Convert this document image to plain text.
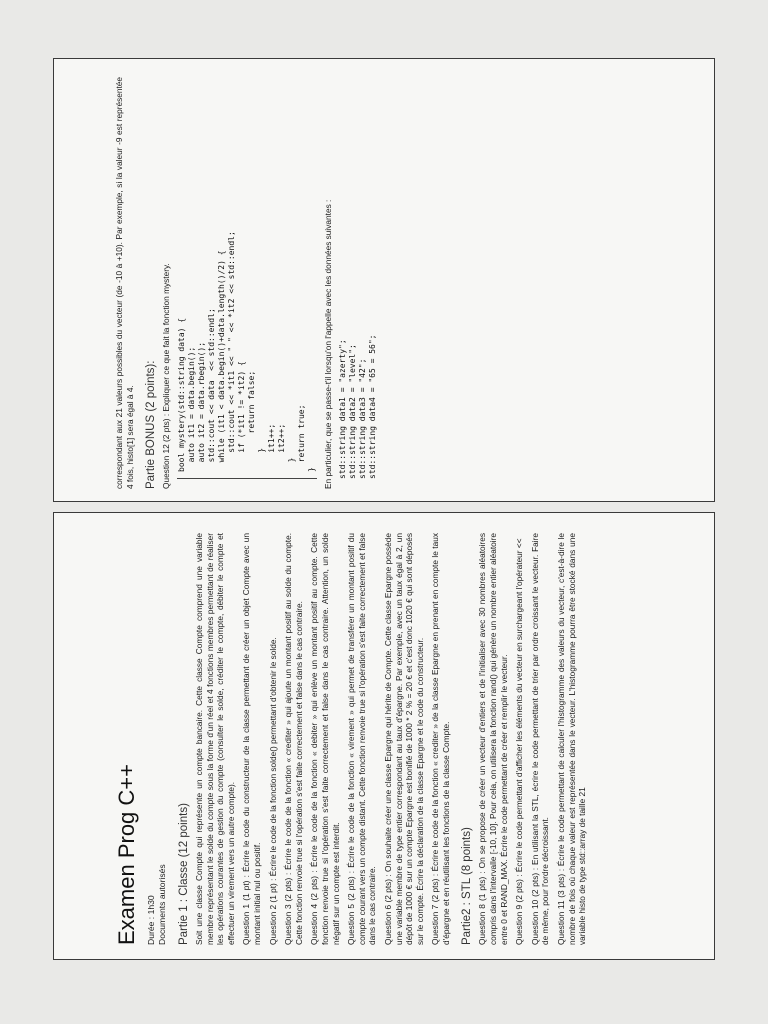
Examen Prog C++ Durée : 1h30 Documents autorisés Partie 1 : Classe (12 points) Soit une classe Compte qui représente un compte bancaire. Cette classe Compte comprend une variable membre représentant le solde du compte sous la forme d'un réel et 4 fonctions membres permettant de réaliser les opérations courantes de gestion du compte (consulter le solde, créditer le compte, débiter le compte et effectuer un virement vers un autre compte). Question 1 (1 pt) : Écrire le code du constructeur de la classe permettant de créer un objet Compte avec un montant initial nul ou positif. Question 2 (1 pt) : Écrire le code de la fonction solde() permettant d'obtenir le solde. Question 3 (2 pts) : Écrire le code de la fonction « crediter » qui ajoute un montant positif au solde du compte. Cette fonction renvoie true si l'opération s'est faite correctement et false dans le cas contraire. Question 4 (2 pts) : Écrire le code de la fonction « debiter » qui enlève un montant positif au compte. Cette fonction renvoie true si l'opération s'est faite correctement et false dans le cas contraire. Attention, un solde négatif sur un compte est interdit. Question 5 (2 pts) : Écrire le code de la fonction « virement » qui permet de transférer un montant positif du compte courant vers un compte distant. Cette fonction renvoie true si l'opération s'est faite correctement et false dans le cas contraire. Question 6 (2 pts) : On souhaite créer une classe Epargne qui hérite de Compte. Cette classe Epargne possède une variable membre de type entier correspondant au taux d'épargne. Par exemple, avec un taux égal à 2, un dépôt de 1000 € sur un compte Epargne est bonifié de 1000 * 2 % = 20 € et c'est donc 1020 € qui sont déposés sur le compte. Écrire la déclaration de la classe Epargne et le code du constructeur. Question 7 (2 pts) : Écrire le code de la fonction « crediter » de la classe Epargne en prenant en compte le taux d'épargne et en réutilisant les fonctions de la classe Compte. Partie2 : STL (8 points) Question 8 (1 pts) : On se propose de créer un vecteur d'entiers et de l'initialiser avec 30 nombres aléatoires compris dans l'intervalle [-10, 10]. Pour cela, on utilisera la fonction rand() qui génère un nombre entier aléatoire entre 0 et RAND_MAX. Écrire le code permettant de créer et remplir le vecteur. Question 9 (2 pts) : Écrire le code permettant d'afficher les éléments du vecteur en surchargeant l'opérateur << Question 10 (2 pts) : En utilisant la STL, écrire le code permettant de trier par ordre croissant le vecteur. Faire de même, pour l'ordre décroissant. Question 11 (3 pts) : Écrire le code permettant de calculer l'histogramme des valeurs du vecteur, c'est-à-dire le nombre de fois où chaque valeur est représentée dans le vecteur. L'histogramme pourra être stocké dans une variable histo de type std::array de taille 21

correspondant aux 21 valeurs possibles du vecteur (de -10 à +10). Par exemple, si la valeur -9 est représentée 4 fois, histo[1] sera égal à 4. Partie BONUS (2 points): Question 12 (2 pts) : Expliquer ce que fait la fonction mystery. bool mystery(std::string data) {
auto it1 = data.begin();
auto it2 = data.rbegin();
std::cout << data  << std::endl;
while (it1 < data.begin()+data.length()/2) {
std::cout << *it1 << " " << *it2 << std::endl;
if (*it1 != *it2) {
return false;
}
it1++;
it2++;
}
return true;
} En particulier, que se passe-t'il lorsqu'on l'appelle avec les données suivantes : std::string data1 = "azerty";
std::string data2 = "level";
std::string data3 = "42";
std::string data4 = "65 = 56";
